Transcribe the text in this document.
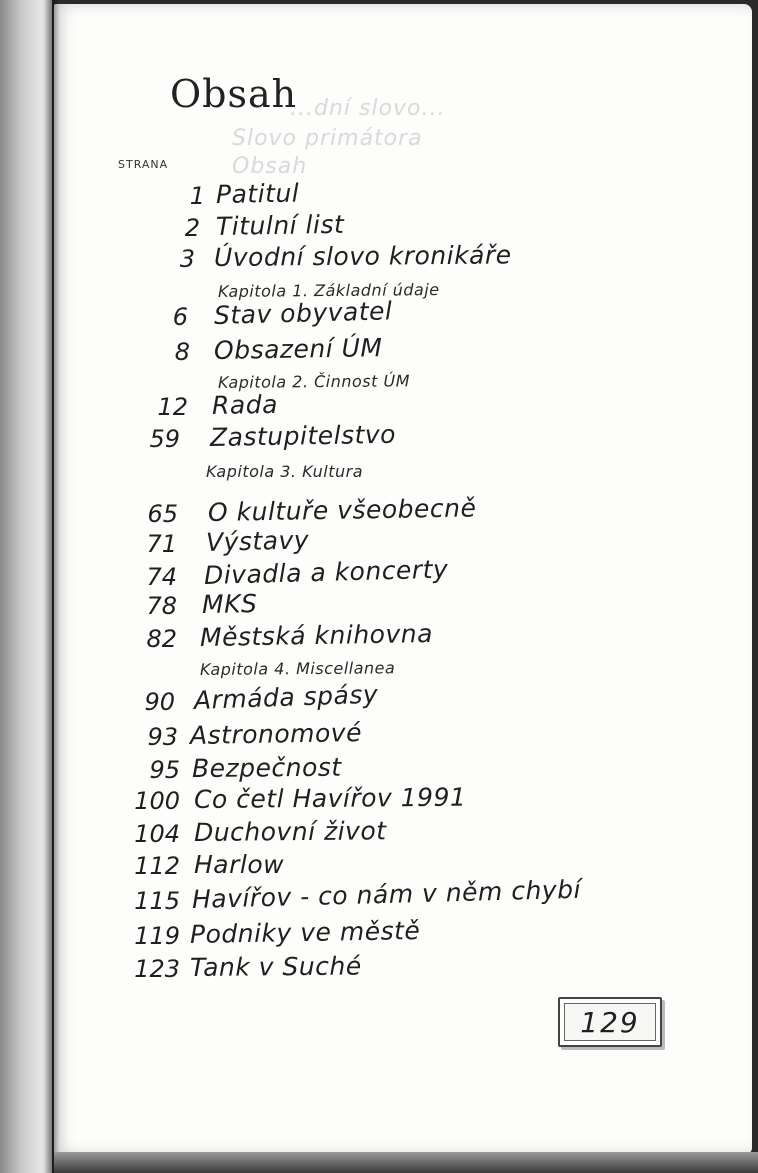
...dní slovo...
Slovo primátora
Obsah
Obsah
STRANA
1 Patitul
2 Titulní list
3 Úvodní slovo kronikáře
Kapitola 1. Základní údaje
6 Stav obyvatel
8 Obsazení ÚM
Kapitola 2. Činnost ÚM
12 Rada
59 Zastupitelstvo
Kapitola 3. Kultura
65 O kultuře všeobecně
71 Výstavy
74 Divadla a koncerty
78 MKS
82 Městská knihovna
Kapitola 4. Miscellanea
90 Armáda spásy
93 Astronomové
95 Bezpečnost
100 Co četl Havířov 1991
104 Duchovní život
112 Harlow
115 Havířov - co nám v něm chybí
119 Podniky ve městě
123 Tank v Suché
129
